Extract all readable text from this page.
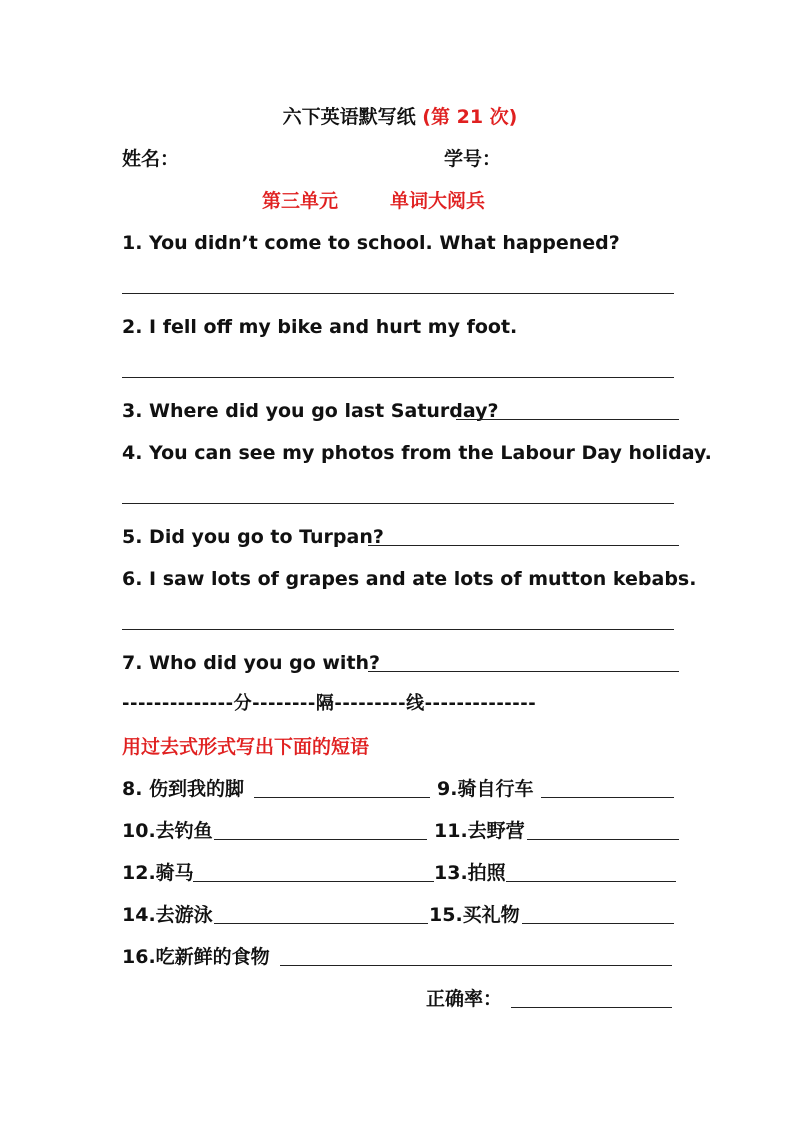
六下英语默写纸 (第 21 次)
姓名：	学号：
第三单元	单词大阅兵
1. You didn’t come to school. What happened?
2. I fell off my bike and hurt my foot.
3. Where did you go last Saturday?
4. You can see my photos from the Labour Day holiday.
5. Did you go to Turpan?
6. I saw lots of grapes and ate lots of mutton kebabs.
7. Who did you go with?
--------------分--------隔---------线--------------
用过去式形式写出下面的短语
8. 伤到我的脚	9.骑自行车
10.去钓鱼	11.去野营
12.骑马	13.拍照
14.去游泳	15.买礼物
16.吃新鲜的食物
正确率：
